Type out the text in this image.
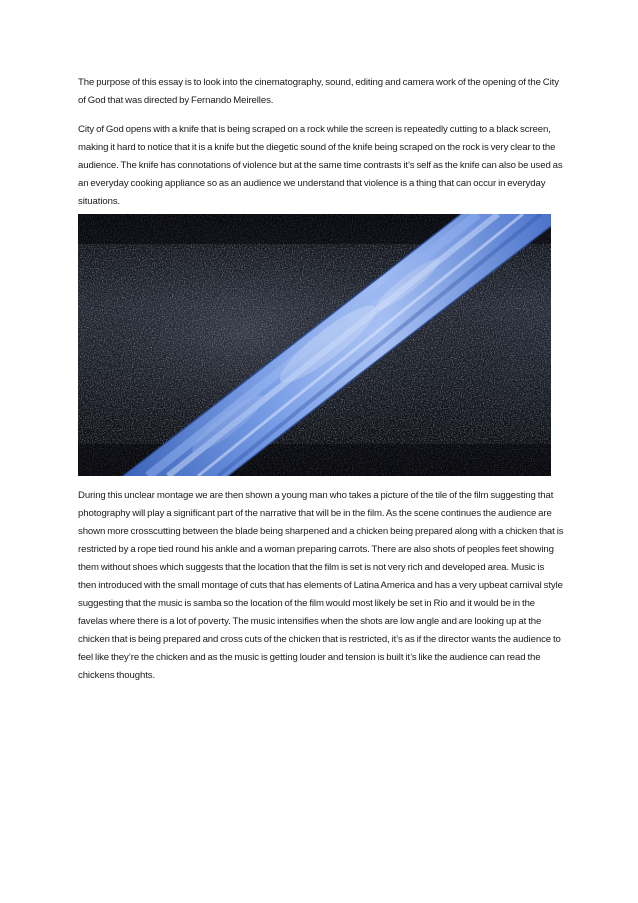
The purpose of this essay is to look into the cinematography, sound, editing and camera work of the opening of the City of God that was directed by Fernando Meirelles.

City of God opens with a knife that is being scraped on a rock while the screen is repeatedly cutting to a black screen, making it hard to notice that it is a knife but the diegetic sound of the knife being scraped on the rock is very clear to the audience. The knife has connotations of violence but at the same time contrasts it’s self as the knife can also be used as an everyday cooking appliance so as an audience we understand that violence is a thing that can occur in everyday situations.

During this unclear montage we are then shown a young man who takes a picture of the tile of the film suggesting that photography will play a significant part of the narrative that will be in the film. As the scene continues the audience are shown more crosscutting between the blade being sharpened and a chicken being prepared along with a chicken that is restricted by a rope tied round his ankle and a woman preparing carrots. There are also shots of peoples feet showing them without shoes which suggests that the location that the film is set is not very rich and developed area. Music is then introduced with the small montage of cuts that has elements of Latina America and has a very upbeat carnival style suggesting that the music is samba so the location of the film would most likely be set in Rio and it would be in the favelas where there is a lot of poverty. The music intensifies when the shots are low angle and are looking up at the chicken that is being prepared and cross cuts of the chicken that is restricted, it’s as if the director wants the audience to feel like they’re the chicken and as the music is getting louder and tension is built it’s like the audience can read the chickens thoughts.
